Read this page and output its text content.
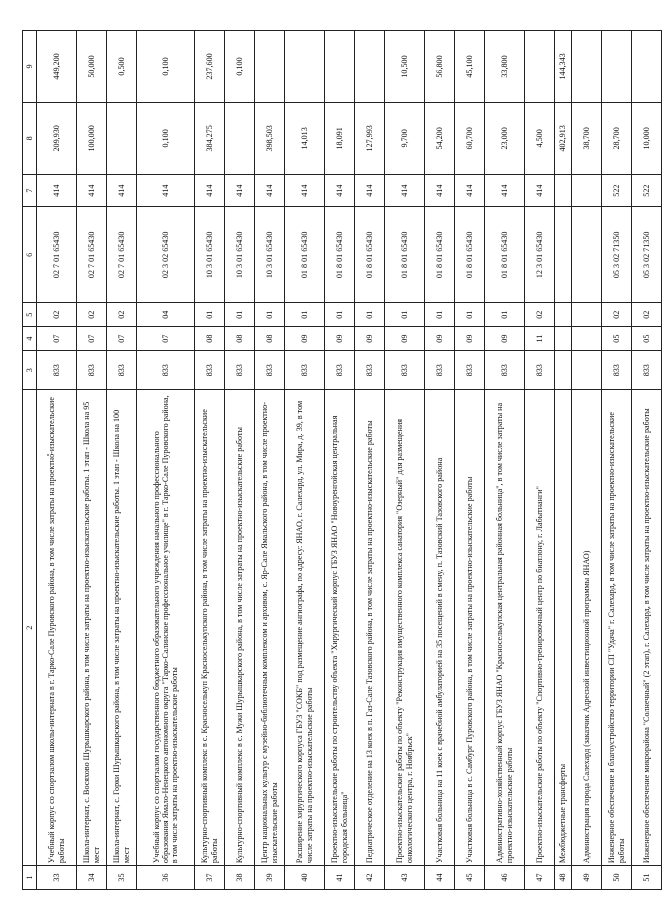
1	2	3	4	5	6	7	8	9
33	Учебный корпус со спортзалом школы-интерната в г. Тарко-Сале Пуровского района, в том числе затраты на проектно-изыскательские работы	833	07	02	02 7 01 65430	414	209,930	449,200
34	Школа-интернат, с. Восяхово Шурышкарского района, в том числе затраты на проектно-изыскательские работы. 1 этап - Школа на 95 мест	833	07	02	02 7 01 65430	414	100,000	50,000
35	Школа-интернат, с. Горки Шурышкарского района, в том числе затраты на проектно-изыскательские работы. 1 этап - Школа на 100 мест	833	07	02	02 7 01 65430	414		0,500
36	Учебный корпус со спортзалом государственного бюджетного образовательного учреждения начального профессионального образования Ямало-Ненецкого автономного округа "Тарко-Салинское профессиональное училище" в г. Тарко-Сале Пуровского района, в том числе затраты на проектно-изыскательские работы	833	07	04	02 3 02 65430	414	0,100	0,100
37	Культурно-спортивный комплекс в с. Красноселькуп Красноселькупского района, в том числе затраты на проектно-изыскательские работы	833	08	01	10 3 01 65430	414	384,275	237,600
38	Культурно-спортивный комплекс в с. Мужи Шурышкарского района, в том числе затраты на проектно-изыскательские работы	833	08	01	10 3 01 65430	414		0,100
39	Центр национальных культур с музейно-библиотечным комплексом и архивом, с. Яр-Сале Ямальского района, в том числе проектно-изыскательские работы	833	08	01	10 3 01 65430	414	398,503	
40	Расширение хирургического корпуса ГБУЗ "СОКБ" под размещение ангиографа, по адресу: ЯНАО, г. Салехард, ул. Мира, д. 39, в том числе затраты на проектно-изыскательские работы	833	09	01	01 8 01 65430	414	14,013	
41	Проектно-изыскательские работы по строительству объекта "Хирургический корпус ГБУЗ ЯНАО "Новоуренгойская центральная городская больница"	833	09	01	01 8 01 65430	414	18,091	
42	Педиатрическое отделение на 13 коек в п. Газ-Сале Тазовского района, в том числе затраты на проектно-изыскательские работы	833	09	01	01 8 01 65430	414	127,993	
43	Проектно-изыскательские работы по объекту "Реконструкция имущественного комплекса санатория "Озерный" для размещения онкологического центра, г. Ноябрьск"	833	09	01	01 8 01 65430	414	9,700	10,500
44	Участковая больница на 11 коек с врачебной амбулаторией на 35 посещений в смену, п. Тазовский Тазовского района	833	09	01	01 8 01 65430	414	54,200	56,800
45	Участковая больница в с. Самбург Пуровского района, в том числе затраты на проектно-изыскательские работы	833	09	01	01 8 01 65430	414	60,700	45,100
46	Административно-хозяйственный корпус ГБУЗ ЯНАО "Красноселькупская центральная районная больница", в том числе затраты на проектно-изыскательские работы	833	09	01	01 8 01 65430	414	23,000	33,800
47	Проектно-изыскательские работы по объекту "Спортивно-тренировочный центр по биатлону, г. Лабытнанги"	833	11	02	12 3 01 65430	414	4,500	
48	Межбюджетные трансферты						402,913	144,343
49	Администрация города Салехард (заказчик Адресной инвестиционной программы ЯНАО)						38,700	
50	Инженерное обеспечение и благоустройство территории СП "Удача" г. Салехард, в том числе затраты на проектно-изыскательские работы	833	05	02	05 3 02 71350	522	28,700	
51	Инженерное обеспечение микрорайона "Солнечный" (2 этап), г. Салехард, в том числе затраты на проектно-изыскательские работы	833	05	02	05 3 02 71350	522	10,000	
